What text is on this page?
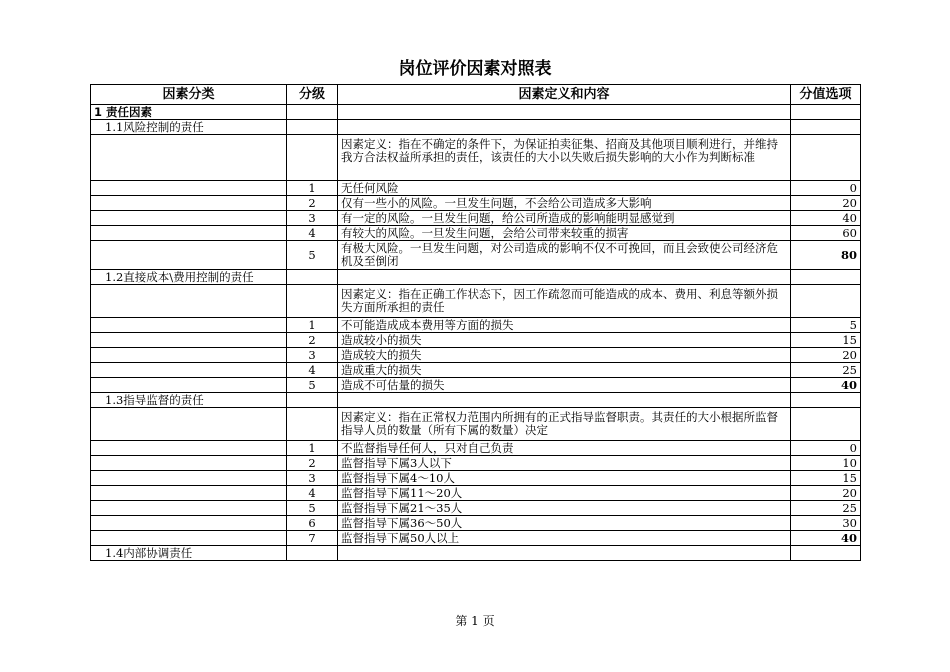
岗位评价因素对照表
因素分类	分级	因素定义和内容	分值选项
1 责任因素			
1.1风险控制的责任			
		因素定义：指在不确定的条件下，为保证拍卖征集、招商及其他项目顺利进行，并维持我方合法权益所承担的责任，该责任的大小以失败后损失影响的大小作为判断标准	
	1	无任何风险	0
	2	仅有一些小的风险。一旦发生问题，不会给公司造成多大影响	20
	3	有一定的风险。一旦发生问题，给公司所造成的影响能明显感觉到	40
	4	有较大的风险。一旦发生问题，会给公司带来较重的损害	60
	5	有极大风险。一旦发生问题，对公司造成的影响不仅不可挽回，而且会致使公司经济危机及至倒闭	80
1.2直接成本\费用控制的责任			
		因素定义：指在正确工作状态下，因工作疏忽而可能造成的成本、费用、利息等额外损失方面所承担的责任	
	1	不可能造成成本费用等方面的损失	5
	2	造成较小的损失	15
	3	造成较大的损失	20
	4	造成重大的损失	25
	5	造成不可估量的损失	40
1.3指导监督的责任			
		因素定义：指在正常权力范围内所拥有的正式指导监督职责。其责任的大小根据所监督指导人员的数量（所有下属的数量）决定	
	1	不监督指导任何人，只对自己负责	0
	2	监督指导下属3人以下	10
	3	监督指导下属4～10人	15
	4	监督指导下属11～20人	20
	5	监督指导下属21～35人	25
	6	监督指导下属36～50人	30
	7	监督指导下属50人以上	40
1.4内部协调责任			
第 1 页
